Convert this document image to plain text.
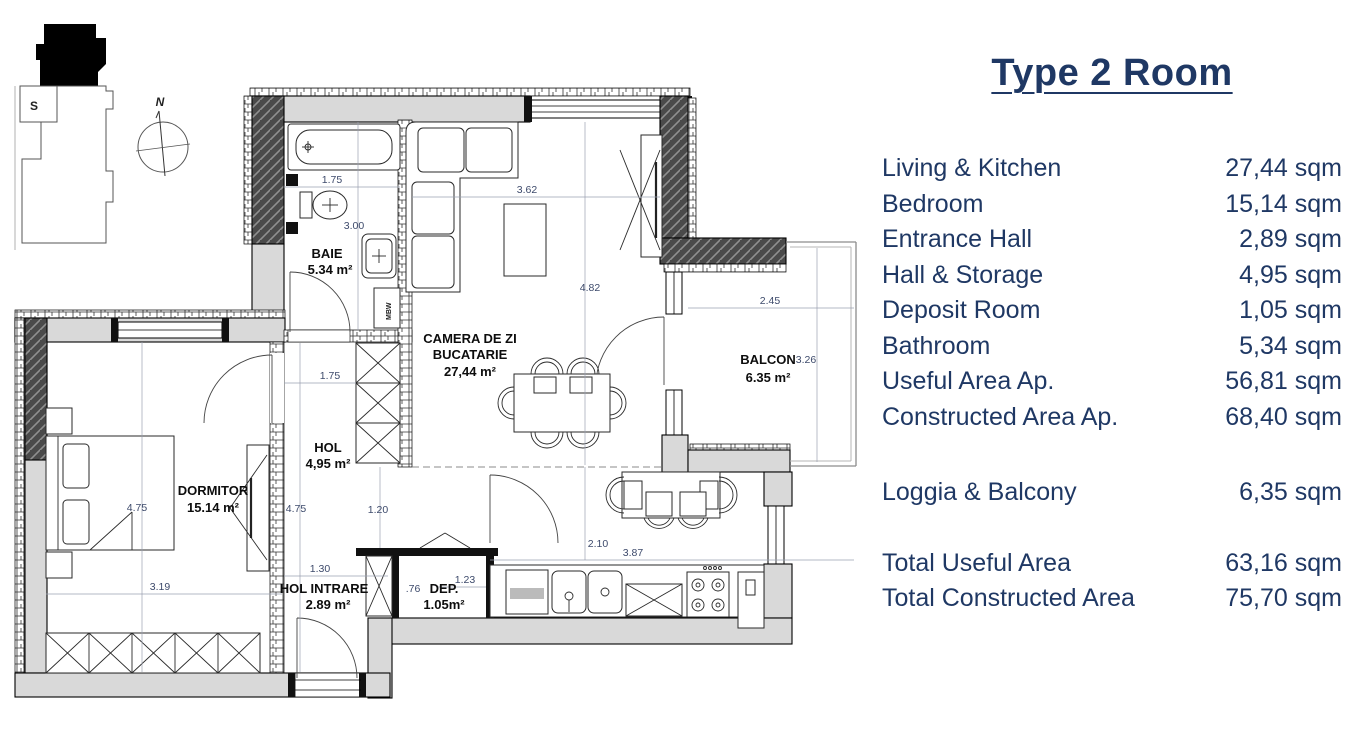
S	N
MBW
1.75
3.00
3.62
4.82
2.45
3.26
1.75
4.75	1.20
4.75
3.19
1.30
.76
1.23
2.10
3.87
BAIE
5.34 m²
CAMERA DE ZI
BUCATARIE
27,44 m²
BALCON
6.35 m²
DORMITOR
15.14 m²
HOL
4,95 m²
HOL INTRARE
2.89 m²
DEP.
1.05m²
Type 2 Room
Living & Kitchen	27,44 sqm
Bedroom	15,14 sqm
Entrance Hall	2,89 sqm
Hall & Storage	4,95 sqm
Deposit Room	1,05 sqm
Bathroom	5,34 sqm
Useful Area Ap.	56,81 sqm
Constructed Area Ap.	68,40 sqm
Loggia & Balcony	6,35 sqm
Total Useful Area	63,16 sqm
Total Constructed Area	75,70 sqm
